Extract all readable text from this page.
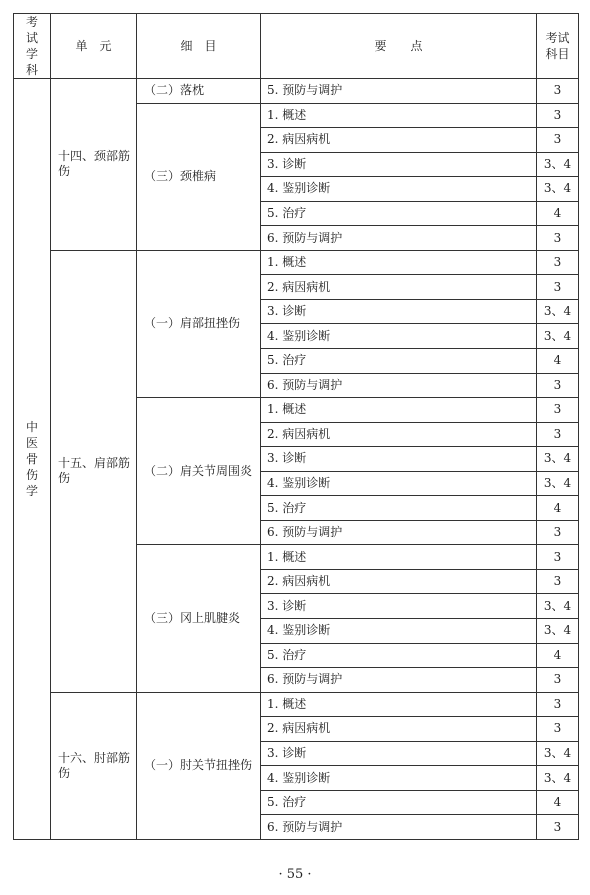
考试学科	单　元	细　目	要　　点	考试科目
中医骨伤学	十四、颈部筋伤	（二）落枕	5. 预防与调护	3
		（三）颈椎病	1. 概述	3
			2. 病因病机	3
			3. 诊断	3、4
			4. 鉴别诊断	3、4
			5. 治疗	4
			6. 预防与调护	3
	十五、肩部筋伤	（一）肩部扭挫伤	1. 概述	3
			2. 病因病机	3
			3. 诊断	3、4
			4. 鉴别诊断	3、4
			5. 治疗	4
			6. 预防与调护	3
		（二）肩关节周围炎	1. 概述	3
			2. 病因病机	3
			3. 诊断	3、4
			4. 鉴别诊断	3、4
			5. 治疗	4
			6. 预防与调护	3
		（三）冈上肌腱炎	1. 概述	3
			2. 病因病机	3
			3. 诊断	3、4
			4. 鉴别诊断	3、4
			5. 治疗	4
			6. 预防与调护	3
	十六、肘部筋伤	（一）肘关节扭挫伤	1. 概述	3
			2. 病因病机	3
			3. 诊断	3、4
			4. 鉴别诊断	3、4
			5. 治疗	4
			6. 预防与调护	3
· 55 ·
